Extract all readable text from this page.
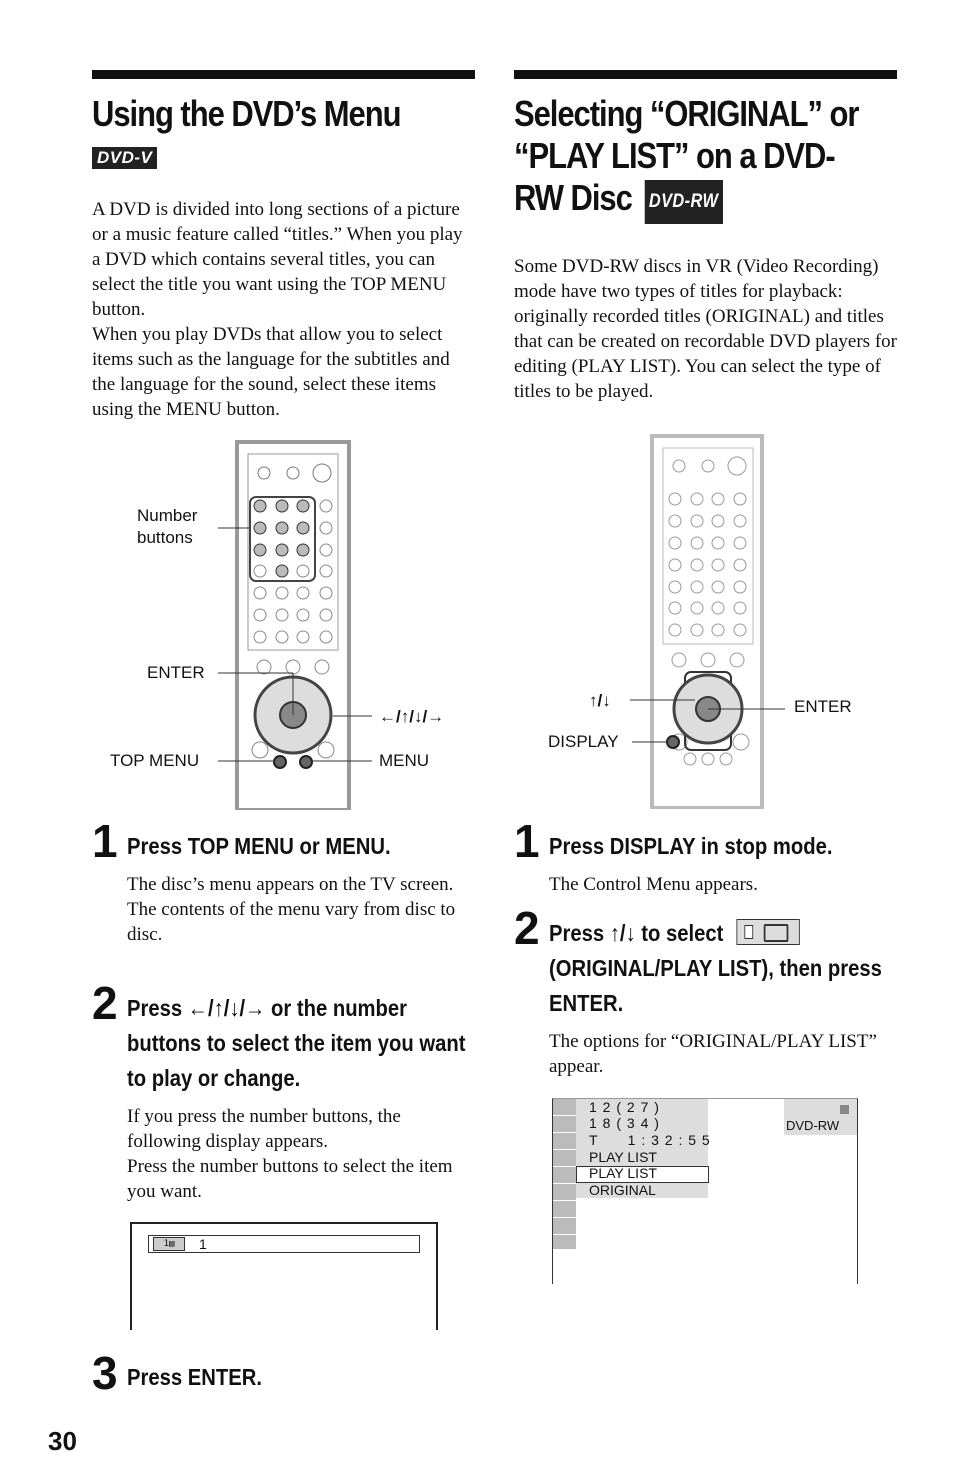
30
Using the DVD’s Menu
DVD-V

A DVD is divided into long sections of a picture or a music feature called “titles.” When you play a DVD which contains several titles, you can select the title you want using the TOP MENU button.

When you play DVDs that allow you to select items such as the language for the subtitles and the language for the sound, select these items using the MENU button.

Number
buttons
ENTER
←/↑/↓/→
TOP MENU	MENU
1 Press TOP MENU or MENU.
The disc’s menu appears on the TV screen.
The contents of the menu vary from disc to disc.
2 Press ←/↑/↓/→ or the number buttons to select the item you want to play or change.
If you press the number buttons, the following display appears.
Press the number buttons to select the item you want.
1▤	1
3 Press ENTER.
Selecting “ORIGINAL” or
“PLAY LIST” on a DVD-
RW Disc DVD-RW
Some DVD-RW discs in VR (Video Recording) mode have two types of titles for playback: originally recorded titles (ORIGINAL) and titles that can be created on recordable DVD players for editing (PLAY LIST). You can select the type of titles to be played.
↑/↓	ENTER
DISPLAY
1 Press DISPLAY in stop mode.
The Control Menu appears.
2 Press ↑/↓ to select
(ORIGINAL/PLAY LIST), then press ENTER.
The options for “ORIGINAL/PLAY LIST” appear.
1 2 ( 2 7 )
1 8 ( 3 4 )
T      1 : 3 2 : 5 5
PLAY LIST
PLAY LIST
ORIGINAL
DVD-RW
